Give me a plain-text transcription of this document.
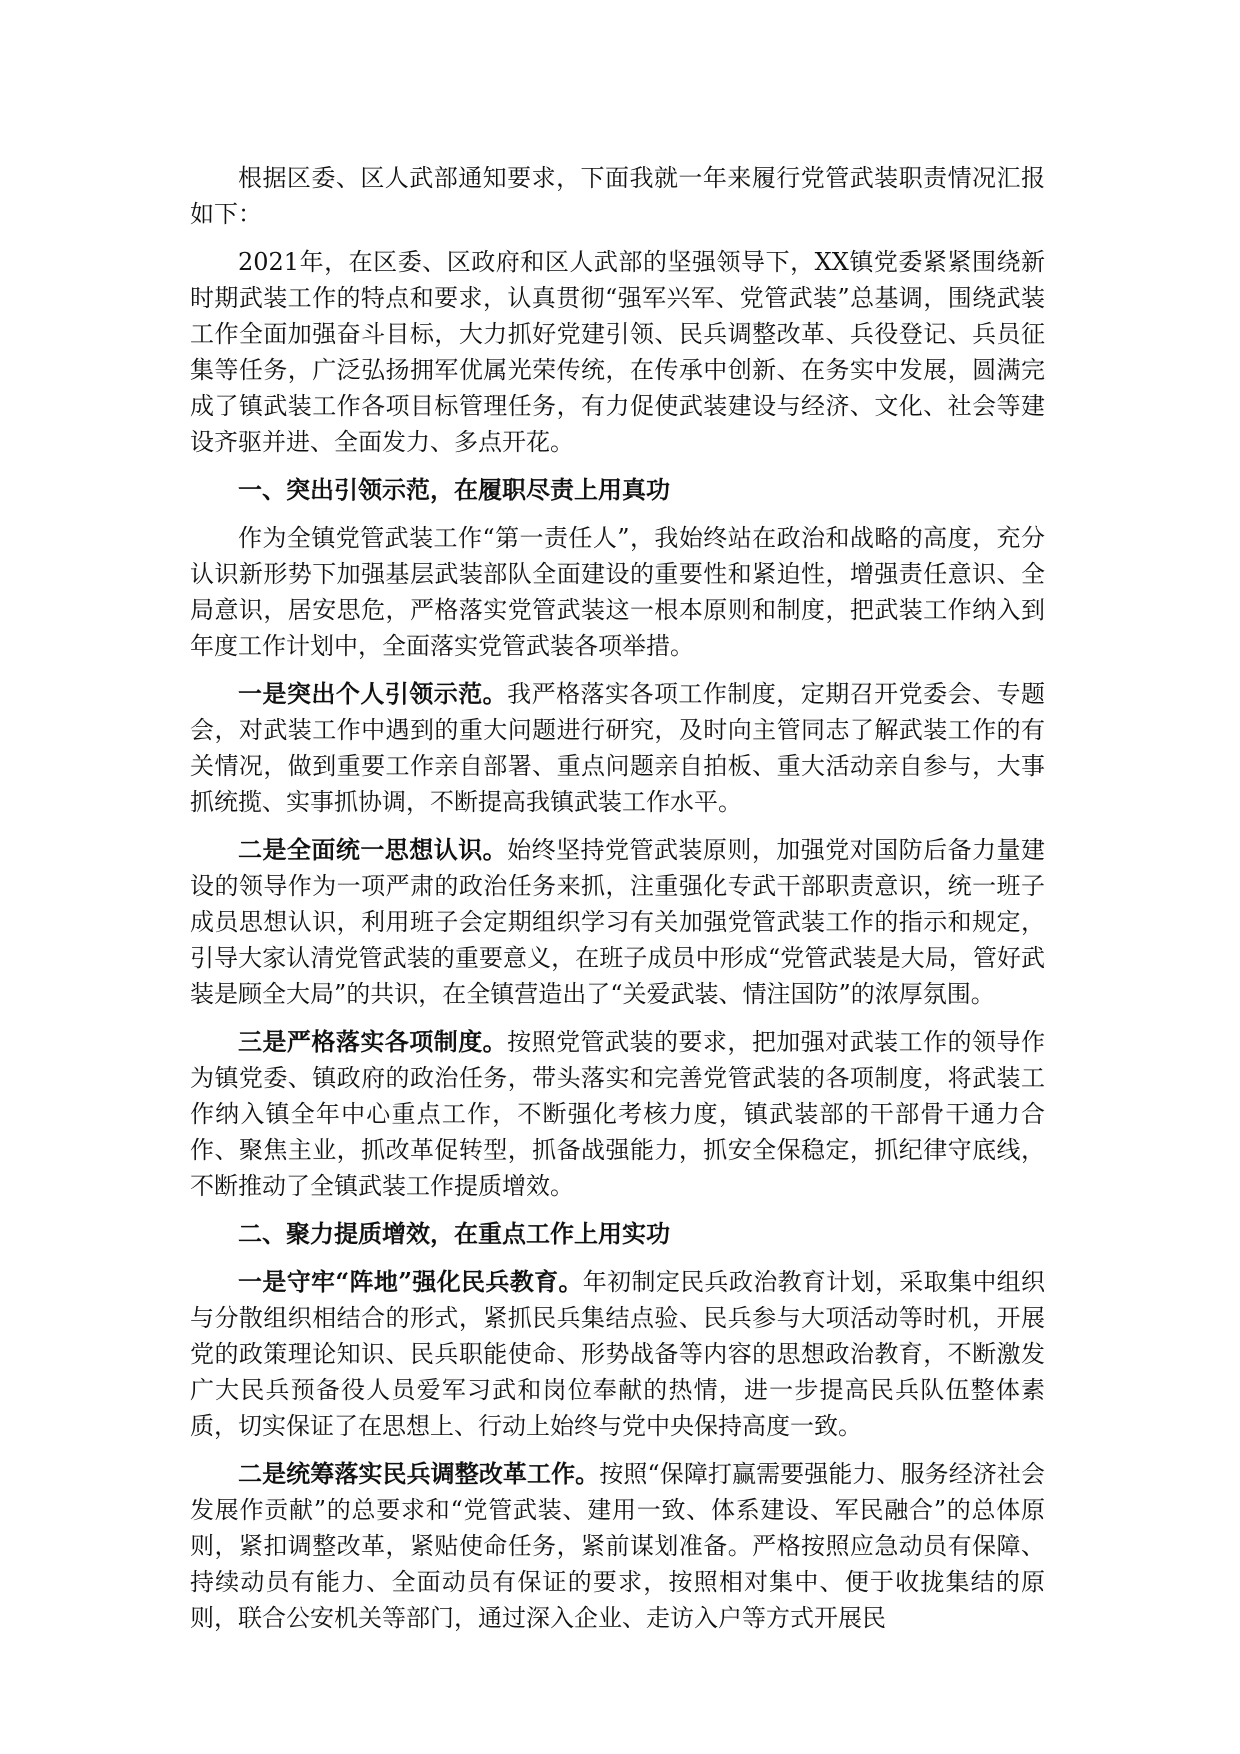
根据区委、区人武部通知要求，下面我就一年来履行党管武装职责情况汇报如下：

2021年，在区委、区政府和区人武部的坚强领导下，XX镇党委紧紧围绕新时期武装工作的特点和要求，认真贯彻“强军兴军、党管武装”总基调，围绕武装工作全面加强奋斗目标，大力抓好党建引领、民兵调整改革、兵役登记、兵员征集等任务，广泛弘扬拥军优属光荣传统，在传承中创新、在务实中发展，圆满完成了镇武装工作各项目标管理任务，有力促使武装建设与经济、文化、社会等建设齐驱并进、全面发力、多点开花。

一、突出引领示范，在履职尽责上用真功

作为全镇党管武装工作“第一责任人”，我始终站在政治和战略的高度，充分认识新形势下加强基层武装部队全面建设的重要性和紧迫性，增强责任意识、全局意识，居安思危，严格落实党管武装这一根本原则和制度，把武装工作纳入到年度工作计划中，全面落实党管武装各项举措。

一是突出个人引领示范。我严格落实各项工作制度，定期召开党委会、专题会，对武装工作中遇到的重大问题进行研究，及时向主管同志了解武装工作的有关情况，做到重要工作亲自部署、重点问题亲自拍板、重大活动亲自参与，大事抓统揽、实事抓协调，不断提高我镇武装工作水平。

二是全面统一思想认识。始终坚持党管武装原则，加强党对国防后备力量建设的领导作为一项严肃的政治任务来抓，注重强化专武干部职责意识，统一班子成员思想认识，利用班子会定期组织学习有关加强党管武装工作的指示和规定，引导大家认清党管武装的重要意义，在班子成员中形成“党管武装是大局，管好武装是顾全大局”的共识，在全镇营造出了“关爱武装、情注国防”的浓厚氛围。

三是严格落实各项制度。按照党管武装的要求，把加强对武装工作的领导作为镇党委、镇政府的政治任务，带头落实和完善党管武装的各项制度，将武装工作纳入镇全年中心重点工作，不断强化考核力度，镇武装部的干部骨干通力合作、聚焦主业，抓改革促转型，抓备战强能力，抓安全保稳定，抓纪律守底线，不断推动了全镇武装工作提质增效。

二、聚力提质增效，在重点工作上用实功

一是守牢“阵地”强化民兵教育。年初制定民兵政治教育计划，采取集中组织与分散组织相结合的形式，紧抓民兵集结点验、民兵参与大项活动等时机，开展党的政策理论知识、民兵职能使命、形势战备等内容的思想政治教育，不断激发广大民兵预备役人员爱军习武和岗位奉献的热情，进一步提高民兵队伍整体素质，切实保证了在思想上、行动上始终与党中央保持高度一致。

二是统筹落实民兵调整改革工作。按照“保障打赢需要强能力、服务经济社会发展作贡献”的总要求和“党管武装、建用一致、体系建设、军民融合”的总体原则，紧扣调整改革，紧贴使命任务，紧前谋划准备。严格按照应急动员有保障、持续动员有能力、全面动员有保证的要求，按照相对集中、便于收拢集结的原则，联合公安机关等部门，通过深入企业、走访入户等方式开展民
